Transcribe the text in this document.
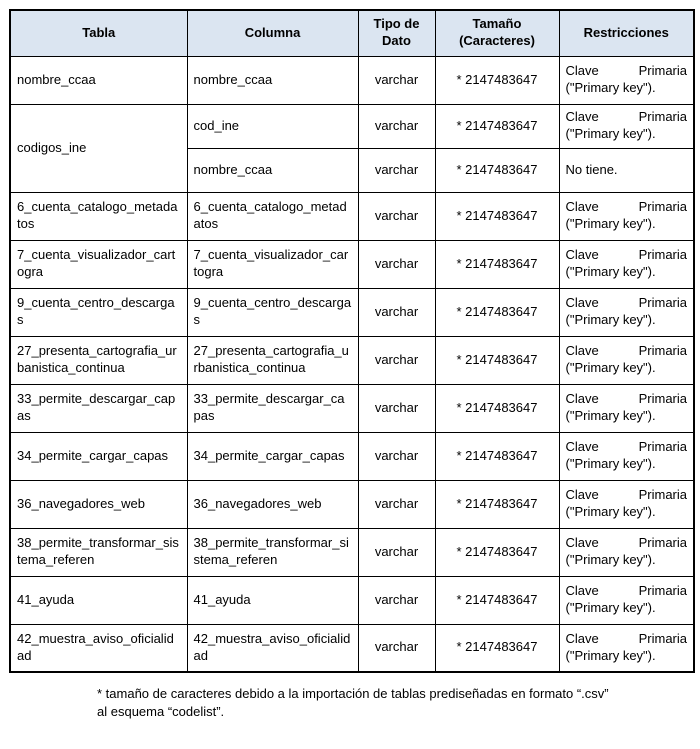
Tabla	Columna	Tipo de Dato	Tamaño (Caracteres)	Restricciones
nombre_ccaa	nombre_ccaa	varchar	* 2147483647	Clave Primaria ("Primary key").
codigos_ine	cod_ine	varchar	* 2147483647	Clave Primaria ("Primary key").
	nombre_ccaa	varchar	* 2147483647	No tiene.
6_cuenta_catalogo_metadatos	6_cuenta_catalogo_metadatos	varchar	* 2147483647	Clave Primaria ("Primary key").
7_cuenta_visualizador_cartogra	7_cuenta_visualizador_cartogra	varchar	* 2147483647	Clave Primaria ("Primary key").
9_cuenta_centro_descargas	9_cuenta_centro_descargas	varchar	* 2147483647	Clave Primaria ("Primary key").
27_presenta_cartografia_urbanistica_continua	27_presenta_cartografia_urbanistica_continua	varchar	* 2147483647	Clave Primaria ("Primary key").
33_permite_descargar_capas	33_permite_descargar_capas	varchar	* 2147483647	Clave Primaria ("Primary key").
34_permite_cargar_capas	34_permite_cargar_capas	varchar	* 2147483647	Clave Primaria ("Primary key").
36_navegadores_web	36_navegadores_web	varchar	* 2147483647	Clave Primaria ("Primary key").
38_permite_transformar_sistema_referen	38_permite_transformar_sistema_referen	varchar	* 2147483647	Clave Primaria ("Primary key").
41_ayuda	41_ayuda	varchar	* 2147483647	Clave Primaria ("Primary key").
42_muestra_aviso_oficialidad	42_muestra_aviso_oficialidad	varchar	* 2147483647	Clave Primaria ("Primary key").
* tamaño de caracteres debido a la importación de tablas prediseñadas en formato “.csv”
al esquema “codelist”.
